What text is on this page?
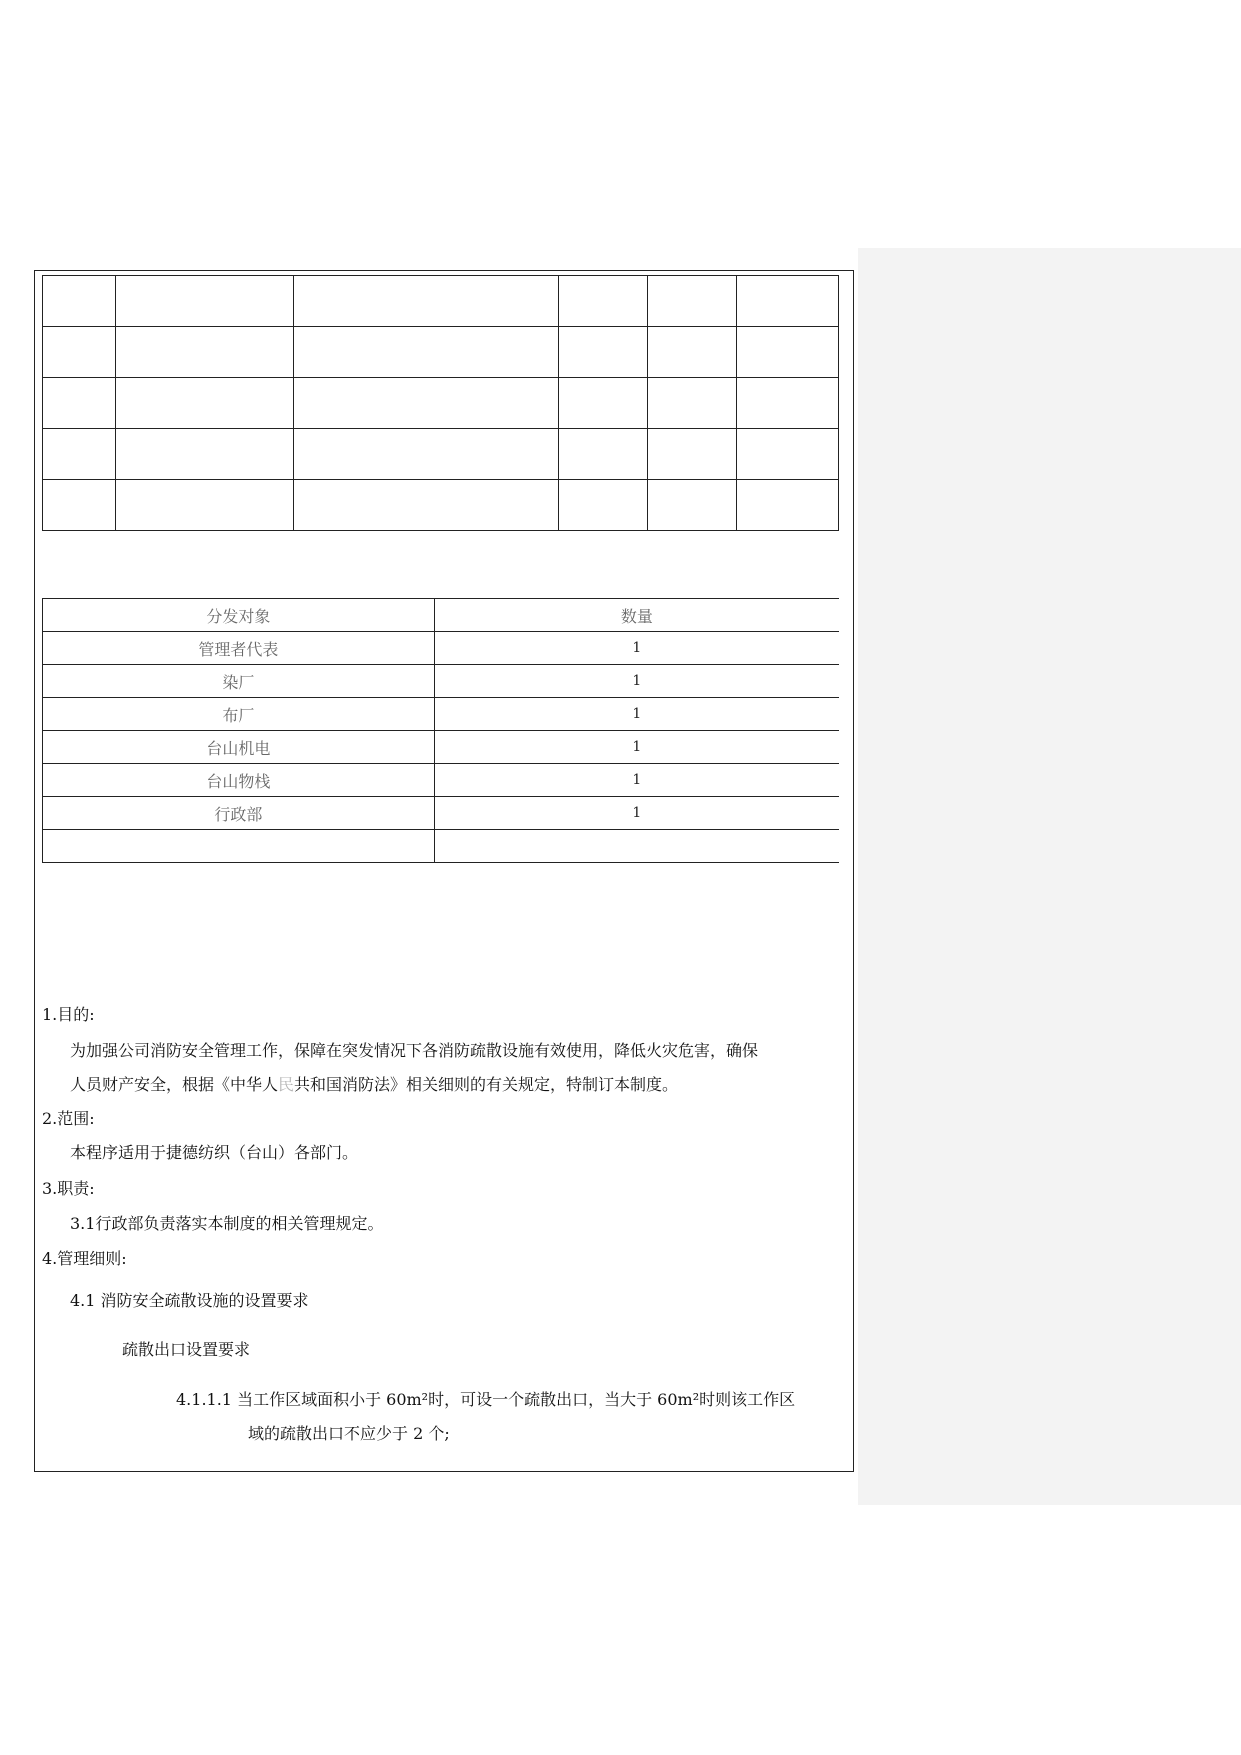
分发对象	数量
管理者代表	1
染厂	1
布厂	1
台山机电	1
台山物栈	1
行政部	1

1.目的:
为加强公司消防安全管理工作，保障在突发情况下各消防疏散设施有效使用，降低火灾危害，确保
人员财产安全，根据《中华人民共和国消防法》相关细则的有关规定，特制订本制度。
2.范围:
本程序适用于捷德纺织（台山）各部门。
3.职责:
3.1行政部负责落实本制度的相关管理规定。
4.管理细则:
4.1 消防安全疏散设施的设置要求
疏散出口设置要求
4.1.1.1 当工作区域面积小于 60m²时，可设一个疏散出口，当大于 60m²时则该工作区
域的疏散出口不应少于 2 个;
